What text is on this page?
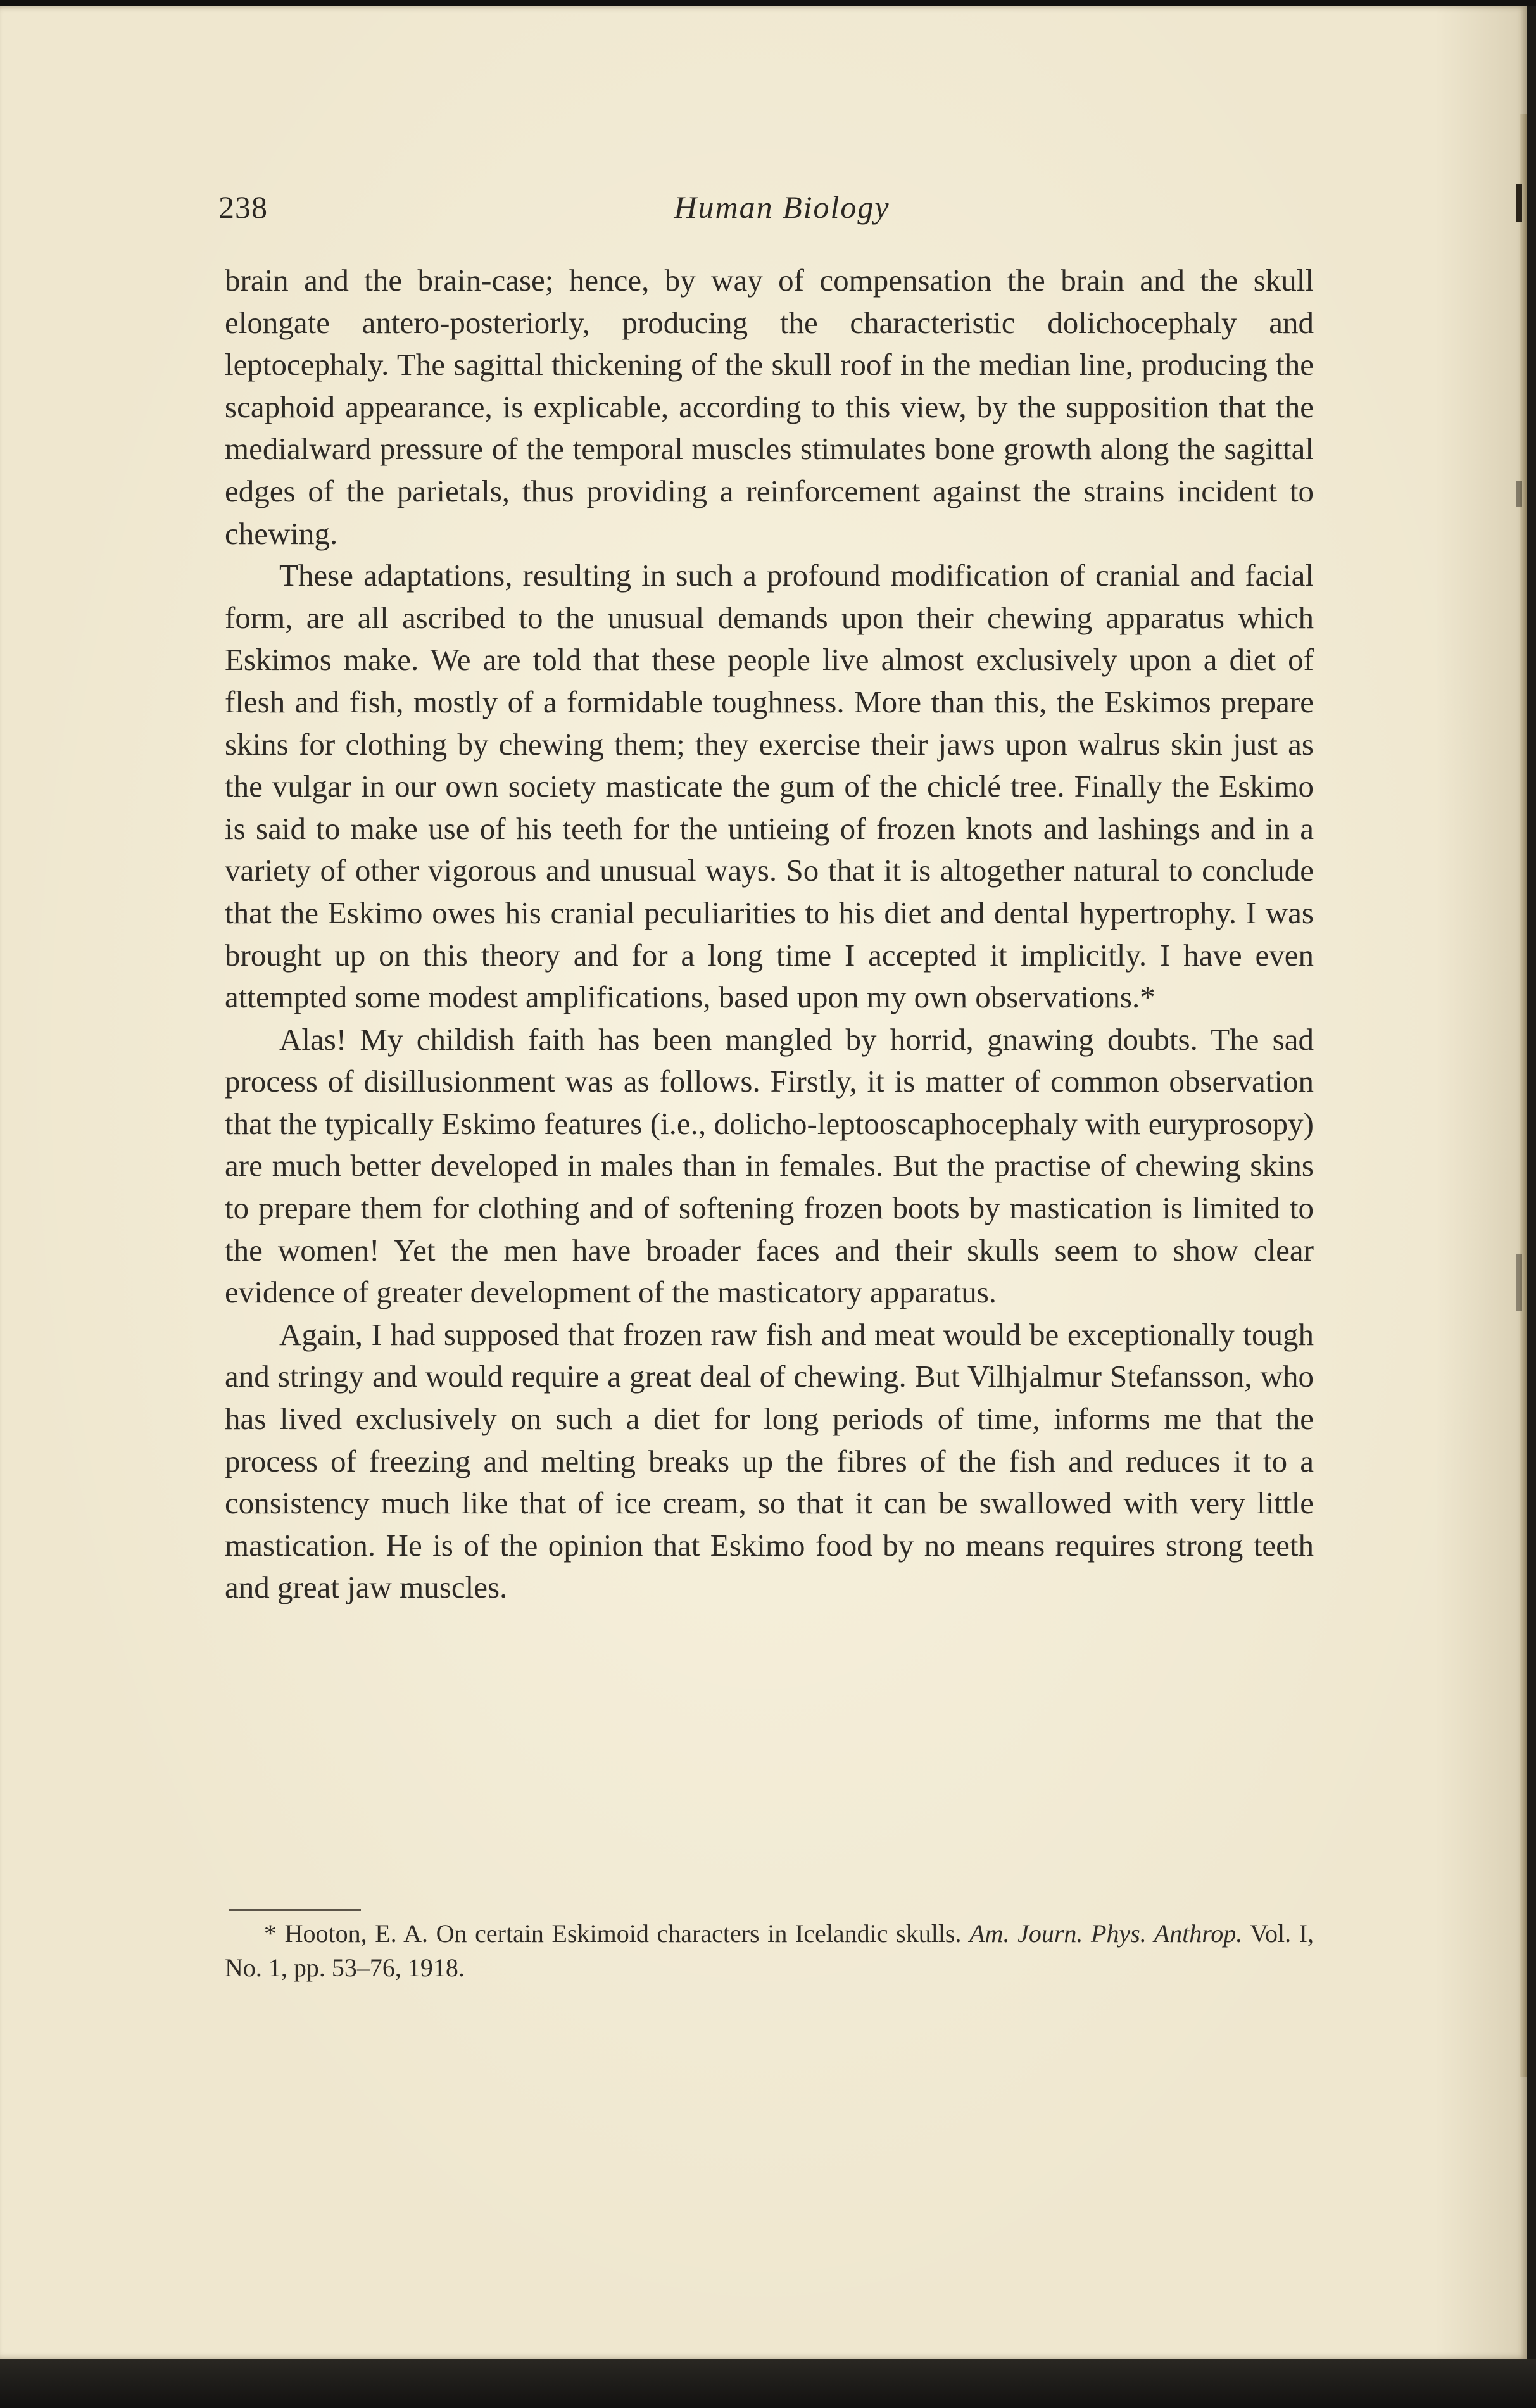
238	Human Biology

brain and the brain-case; hence, by way of compensation the brain and the skull elongate antero-posteriorly, producing the characteristic dolichocephaly and leptocephaly. The sagittal thickening of the skull roof in the median line, producing the scaphoid appearance, is explicable, according to this view, by the supposition that the medialward pressure of the temporal muscles stimulates bone growth along the sagittal edges of the parietals, thus providing a reinforcement against the strains incident to chewing.

These adaptations, resulting in such a profound modification of cranial and facial form, are all ascribed to the unusual demands upon their chewing apparatus which Eskimos make. We are told that these people live almost exclusively upon a diet of flesh and fish, mostly of a formidable toughness. More than this, the Eskimos prepare skins for clothing by chewing them; they exercise their jaws upon walrus skin just as the vulgar in our own society masticate the gum of the chiclé tree. Finally the Eskimo is said to make use of his teeth for the untieing of frozen knots and lashings and in a variety of other vigorous and unusual ways. So that it is altogether natural to conclude that the Eskimo owes his cranial peculiarities to his diet and dental hypertrophy. I was brought up on this theory and for a long time I accepted it implicitly. I have even attempted some modest amplifications, based upon my own observations.*

Alas! My childish faith has been mangled by horrid, gnawing doubts. The sad process of disillusionment was as follows. Firstly, it is matter of common observation that the typically Eskimo features (i.e., dolicho-leptooscaphocephaly with euryprosopy) are much better developed in males than in females. But the practise of chewing skins to prepare them for clothing and of softening frozen boots by mastication is limited to the women! Yet the men have broader faces and their skulls seem to show clear evidence of greater development of the masticatory apparatus.

Again, I had supposed that frozen raw fish and meat would be exceptionally tough and stringy and would require a great deal of chewing. But Vilhjalmur Stefansson, who has lived exclusively on such a diet for long periods of time, informs me that the process of freezing and melting breaks up the fibres of the fish and reduces it to a consistency much like that of ice cream, so that it can be swallowed with very little mastication. He is of the opinion that Eskimo food by no means requires strong teeth and great jaw muscles.

* Hooton, E. A. On certain Eskimoid characters in Icelandic skulls. Am. Journ. Phys. Anthrop. Vol. I, No. 1, pp. 53–76, 1918.
